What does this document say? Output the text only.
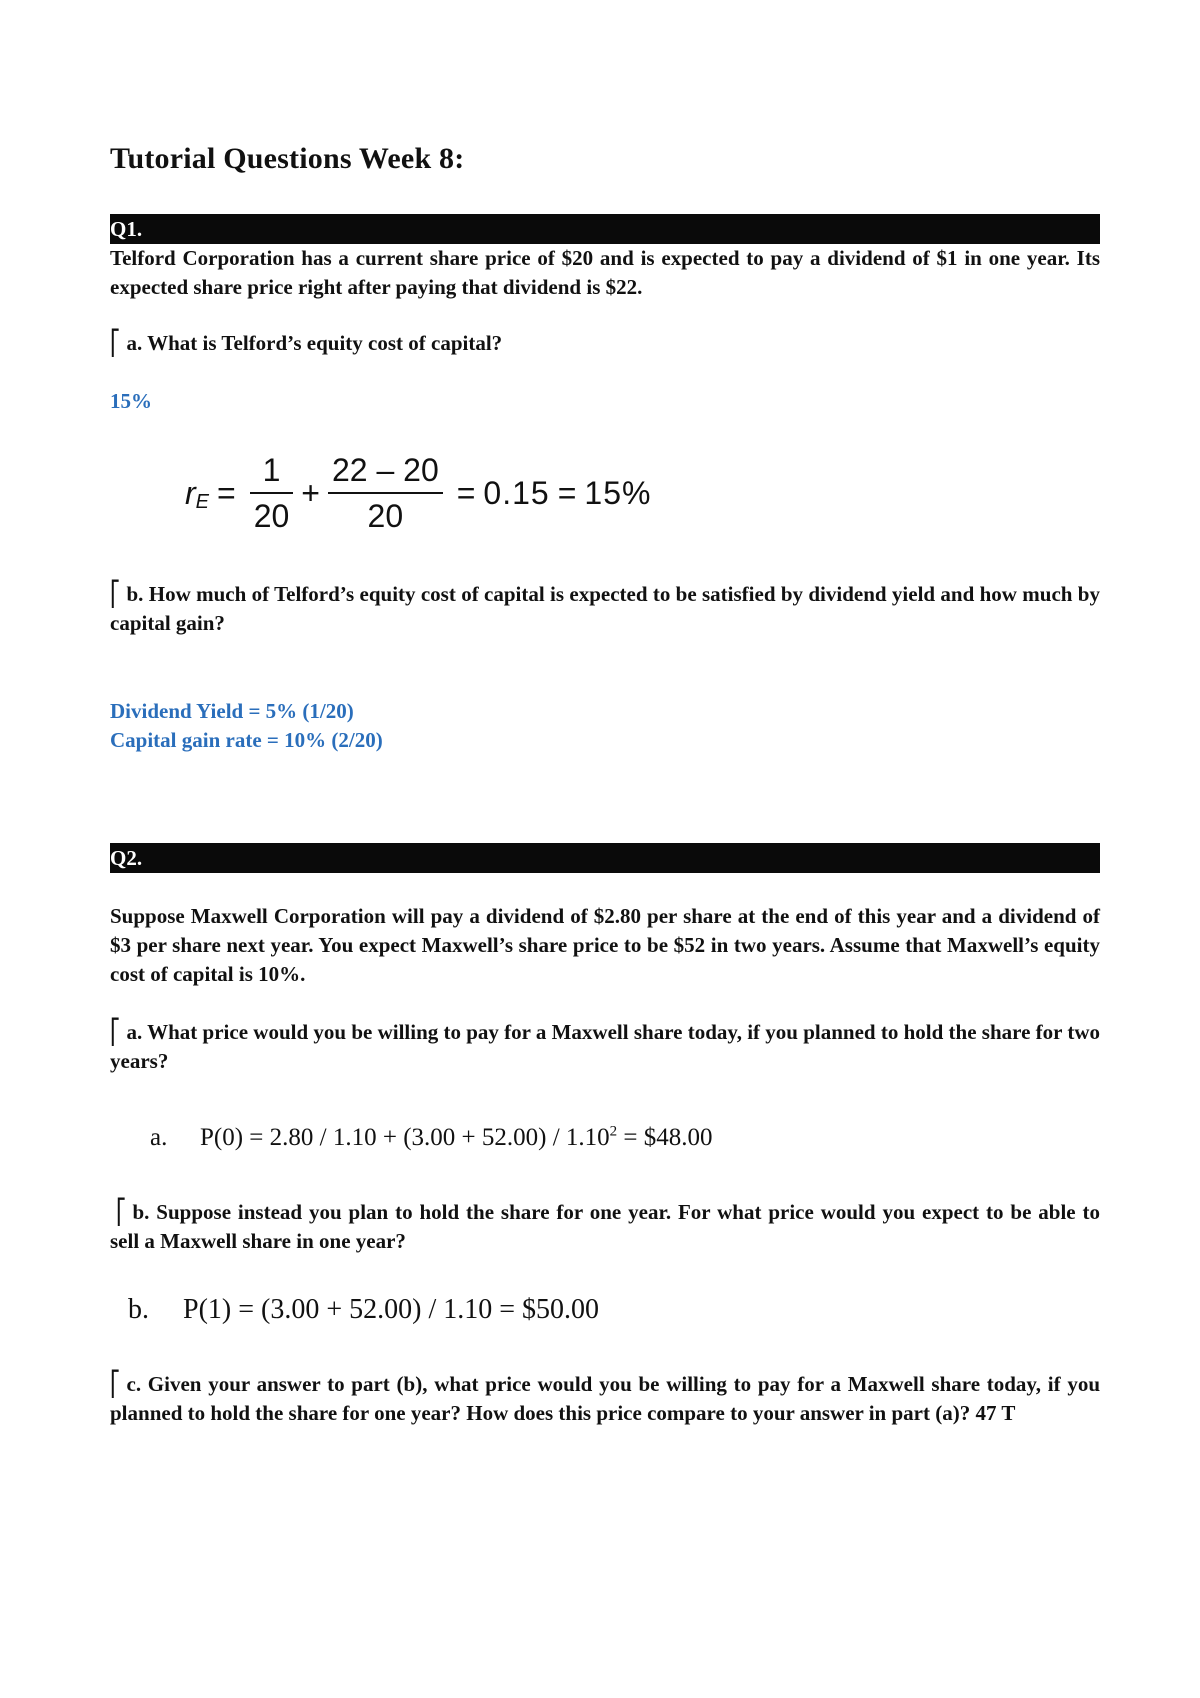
Tutorial Questions Week 8:
Q1.
Telford Corporation has a current share price of $20 and is expected to pay a dividend of $1 in one year. Its expected share price right after paying that dividend is $22.
⎡ a. What is Telford’s equity cost of capital?
15%
r $E = \frac{1}{20} + \frac{22 - 20}{20} = 0.15 = 15\%$
⎡ b. How much of Telford’s equity cost of capital is expected to be satisfied by dividend yield and how much by capital gain?
Dividend Yield = 5% (1/20)
Capital gain rate = 10% (2/20)
Q2.
Suppose Maxwell Corporation will pay a dividend of $2.80 per share at the end of this year and a dividend of $3 per share next year. You expect Maxwell’s share price to be $52 in two years. Assume that Maxwell’s equity cost of capital is 10%.
⎡ a. What price would you be willing to pay for a Maxwell share today, if you planned to hold the share for two years?
a. $P(0) = 2.80 / 1.10 + (3.00 + 52.00) / 1.10^2$ = $48.00
⎡ b. Suppose instead you plan to hold the share for one year. For what price would you expect to be able to sell a Maxwell share in one year?
b. P(1) = (3.00 + 52.00) / 1.10 = $50.00
⎡ c. Given your answer to part (b), what price would you be willing to pay for a Maxwell share today, if you planned to hold the share for one year? How does this price compare to your answer in part (a)? 47 T
